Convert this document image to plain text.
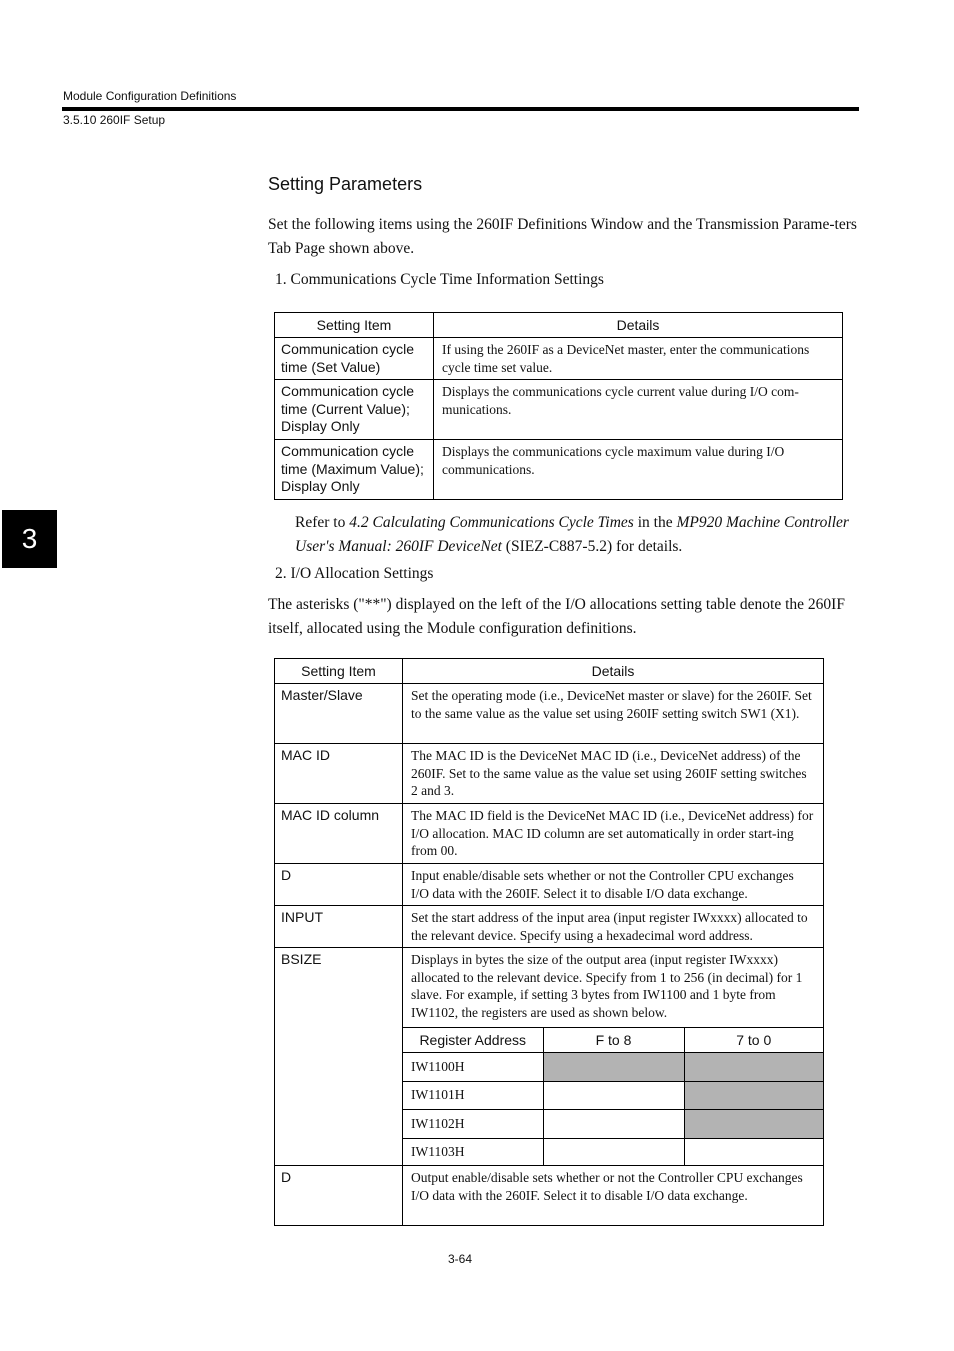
Module Configuration Definitions
3.5.10 260IF Setup
3
Setting Parameters
Set the following items using the 260IF Definitions Window and the Transmission Parame-ters Tab Page shown above.
1. Communications Cycle Time Information Settings
Setting Item	Details
Communication cycle time (Set Value)	If using the 260IF as a DeviceNet master, enter the communications cycle time set value.
Communication cycle time (Current Value); Display Only	Displays the communications cycle current value during I/O com-munications.
Communication cycle time (Maximum Value); Display Only	Displays the communications cycle maximum value during I/O communications.
Refer to 4.2 Calculating Communications Cycle Times in the MP920 Machine Controller User's Manual: 260IF DeviceNet (SIEZ-C887-5.2) for details.
2. I/O Allocation Settings
The asterisks ("**") displayed on the left of the I/O allocations setting table denote the 260IF itself, allocated using the Module configuration definitions.
Setting Item	Details
Master/Slave	Set the operating mode (i.e., DeviceNet master or slave) for the 260IF. Set to the same value as the value set using 260IF setting switch SW1 (X1).
MAC ID	The MAC ID is the DeviceNet MAC ID (i.e., DeviceNet address) of the 260IF. Set to the same value as the value set using 260IF setting switches 2 and 3.
MAC ID column	The MAC ID field is the DeviceNet MAC ID (i.e., DeviceNet address) for I/O allocation. MAC ID column are set automatically in order start-ing from 00.
D	Input enable/disable sets whether or not the Controller CPU exchanges I/O data with the 260IF. Select it to disable I/O data exchange.
INPUT	Set the start address of the input area (input register IWxxxx) allocated to the relevant device. Specify using a hexadecimal word address.
BSIZE	Displays in bytes the size of the output area (input register IWxxxx) allocated to the relevant device. Specify from 1 to 256 (in decimal) for 1 slave. For example, if setting 3 bytes from IW1100 and 1 byte from IW1102, the registers are used as shown below.
Register Address	F to 8	7 to 0
IW1100H		
IW1101H		
IW1102H		
IW1103H		

D	Output enable/disable sets whether or not the Controller CPU exchanges I/O data with the 260IF. Select it to disable I/O data exchange.
3-64
